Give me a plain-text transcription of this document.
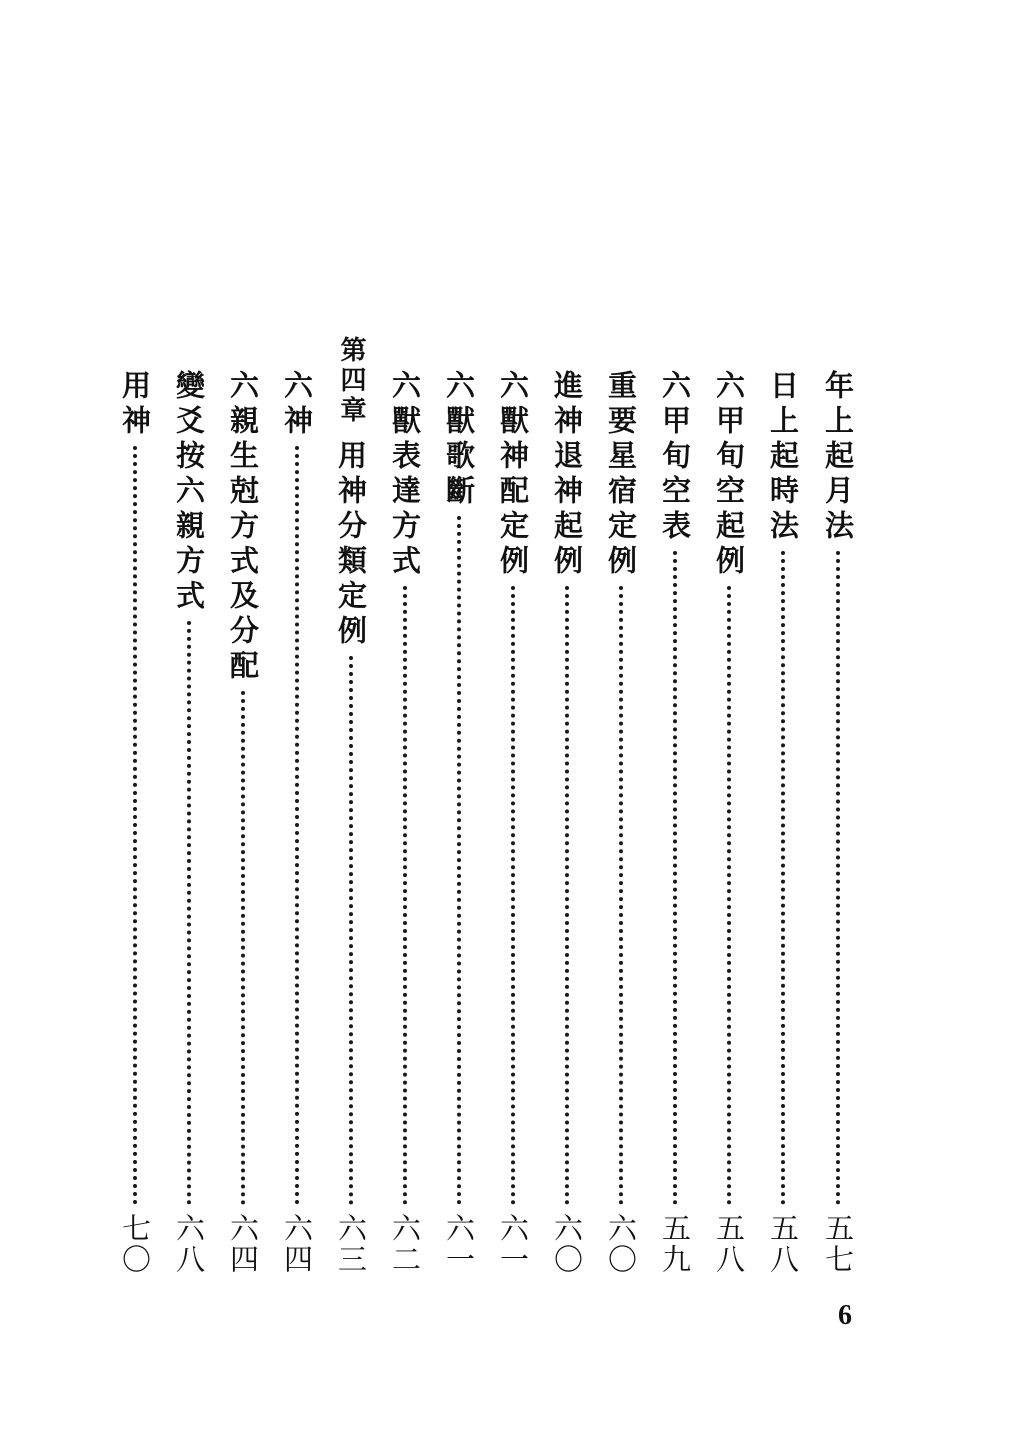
年上起月法
五七
日上起時法
五八
六甲旬空起例
五八
六甲旬空表
五九
重要星宿定例
六〇
進神退神起例
六〇
六獸神配定例
六一
六獸歌斷
六一
六獸表達方式
六二
第四章
用神分類定例
六三
六神
六四
六親生尅方式及分配
六四
變爻按六親方式
六八
用神
七〇
6
